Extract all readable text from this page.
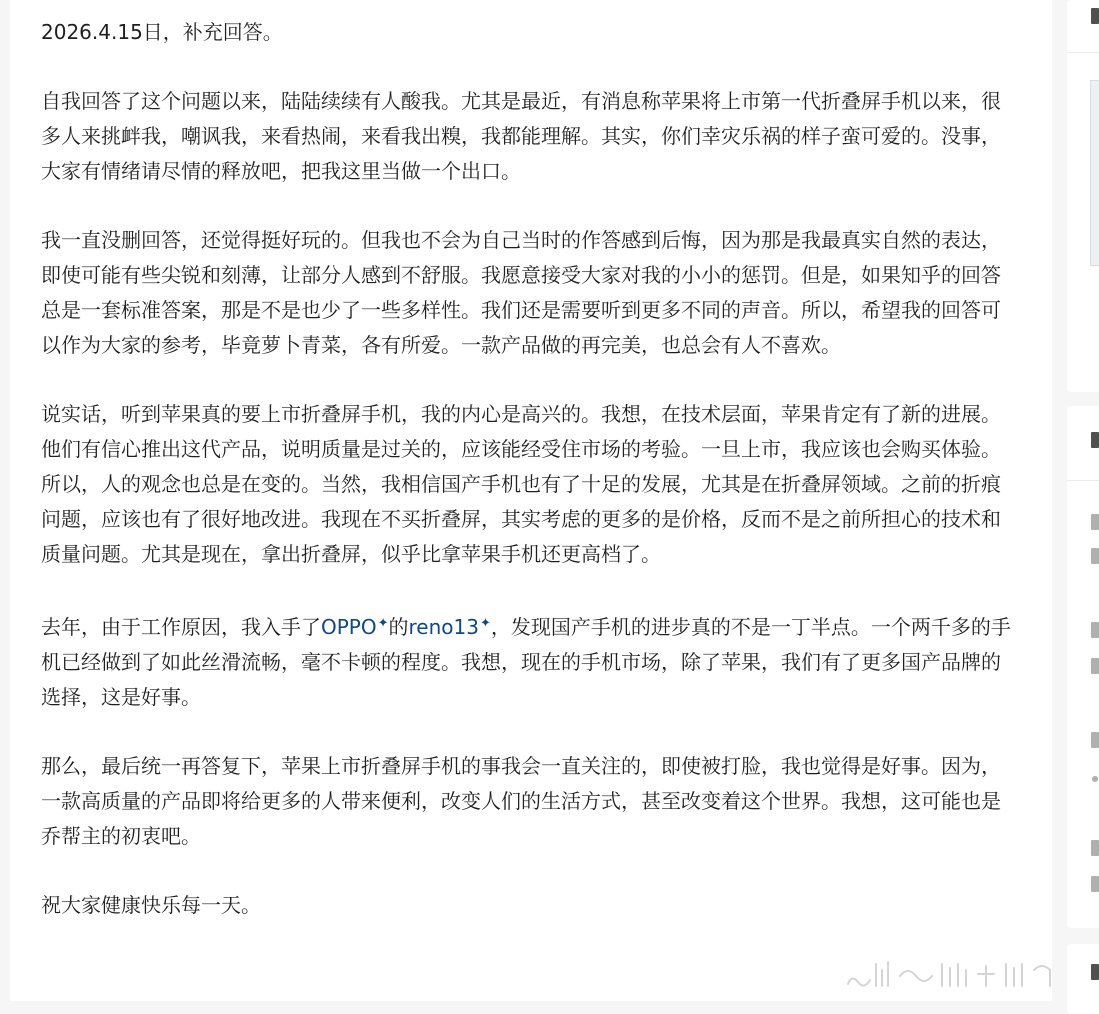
2026.4.15日，补充回答。

自我回答了这个问题以来，陆陆续续有人酸我。尤其是最近，有消息称苹果将上市第一代折叠屏手机以来，很多人来挑衅我，嘲讽我，来看热闹，来看我出糗，我都能理解。其实，你们幸灾乐祸的样子蛮可爱的。没事，大家有情绪请尽情的释放吧，把我这里当做一个出口。

我一直没删回答，还觉得挺好玩的。但我也不会为自己当时的作答感到后悔，因为那是我最真实自然的表达，即使可能有些尖锐和刻薄，让部分人感到不舒服。我愿意接受大家对我的小小的惩罚。但是，如果知乎的回答总是一套标准答案，那是不是也少了一些多样性。我们还是需要听到更多不同的声音。所以，希望我的回答可以作为大家的参考，毕竟萝卜青菜，各有所爱。一款产品做的再完美，也总会有人不喜欢。

说实话，听到苹果真的要上市折叠屏手机，我的内心是高兴的。我想，在技术层面，苹果肯定有了新的进展。他们有信心推出这代产品，说明质量是过关的，应该能经受住市场的考验。一旦上市，我应该也会购买体验。所以，人的观念也总是在变的。当然，我相信国产手机也有了十足的发展，尤其是在折叠屏领域。之前的折痕问题，应该也有了很好地改进。我现在不买折叠屏，其实考虑的更多的是价格，反而不是之前所担心的技术和质量问题。尤其是现在，拿出折叠屏，似乎比拿苹果手机还更高档了。

去年，由于工作原因，我入手了OPPO✦的reno13✦，发现国产手机的进步真的不是一丁半点。一个两千多的手机已经做到了如此丝滑流畅，毫不卡顿的程度。我想，现在的手机市场，除了苹果，我们有了更多国产品牌的选择，这是好事。

那么，最后统一再答复下，苹果上市折叠屏手机的事我会一直关注的，即使被打脸，我也觉得是好事。因为，一款高质量的产品即将给更多的人带来便利，改变人们的生活方式，甚至改变着这个世界。我想，这可能也是乔帮主的初衷吧。

祝大家健康快乐每一天。
